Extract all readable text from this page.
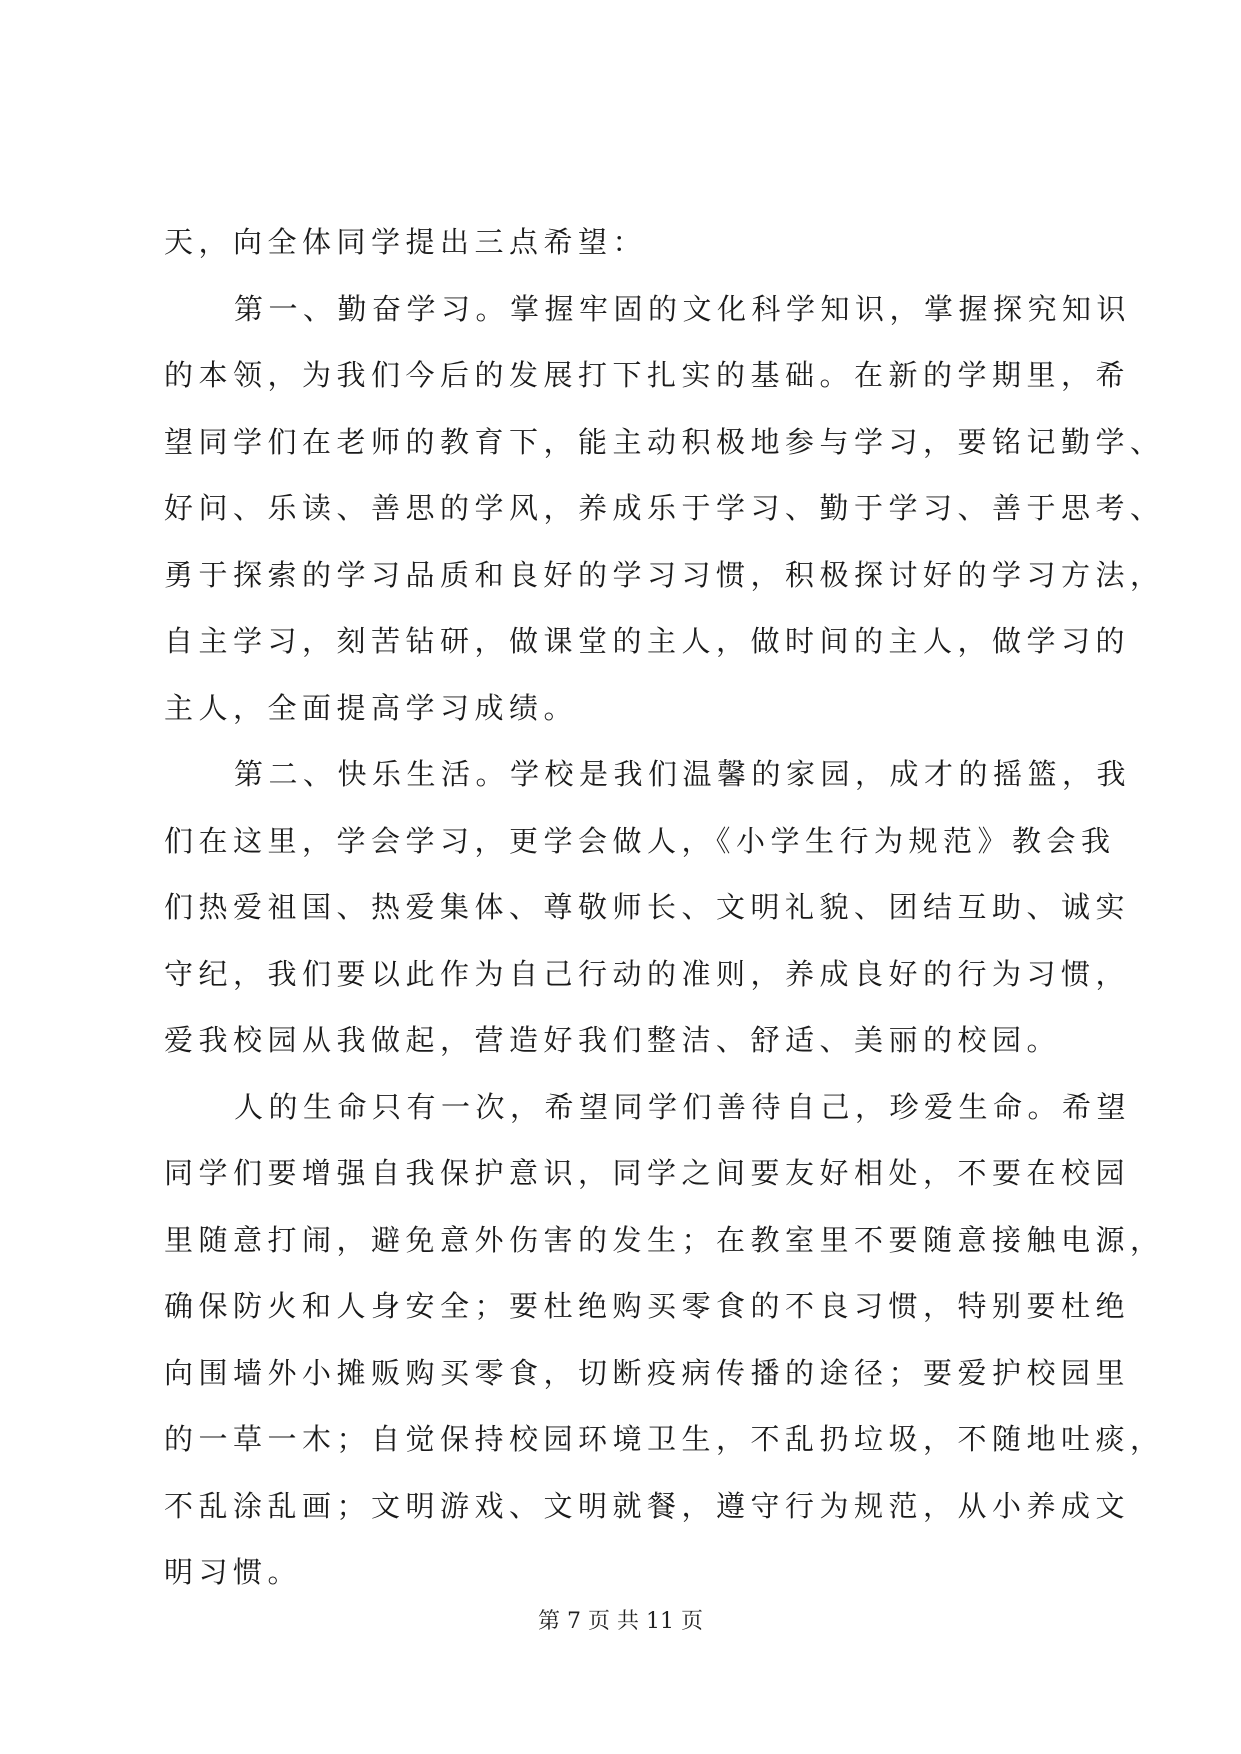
天，向全体同学提出三点希望：
第一、勤奋学习。掌握牢固的文化科学知识，掌握探究知识
的本领，为我们今后的发展打下扎实的基础。在新的学期里，希
望同学们在老师的教育下，能主动积极地参与学习，要铭记勤学、
好问、乐读、善思的学风，养成乐于学习、勤于学习、善于思考、
勇于探索的学习品质和良好的学习习惯，积极探讨好的学习方法，
自主学习，刻苦钻研，做课堂的主人，做时间的主人，做学习的
主人，全面提高学习成绩。
第二、快乐生活。学校是我们温馨的家园，成才的摇篮，我
们在这里，学会学习，更学会做人，《小学生行为规范》教会我
们热爱祖国、热爱集体、尊敬师长、文明礼貌、团结互助、诚实
守纪，我们要以此作为自己行动的准则，养成良好的行为习惯，
爱我校园从我做起，营造好我们整洁、舒适、美丽的校园。
人的生命只有一次，希望同学们善待自己，珍爱生命。希望
同学们要增强自我保护意识，同学之间要友好相处，不要在校园
里随意打闹，避免意外伤害的发生；在教室里不要随意接触电源，
确保防火和人身安全；要杜绝购买零食的不良习惯，特别要杜绝
向围墙外小摊贩购买零食，切断疫病传播的途径；要爱护校园里
的一草一木；自觉保持校园环境卫生，不乱扔垃圾，不随地吐痰，
不乱涂乱画；文明游戏、文明就餐，遵守行为规范，从小养成文
明习惯。
第 7 页 共 11 页
